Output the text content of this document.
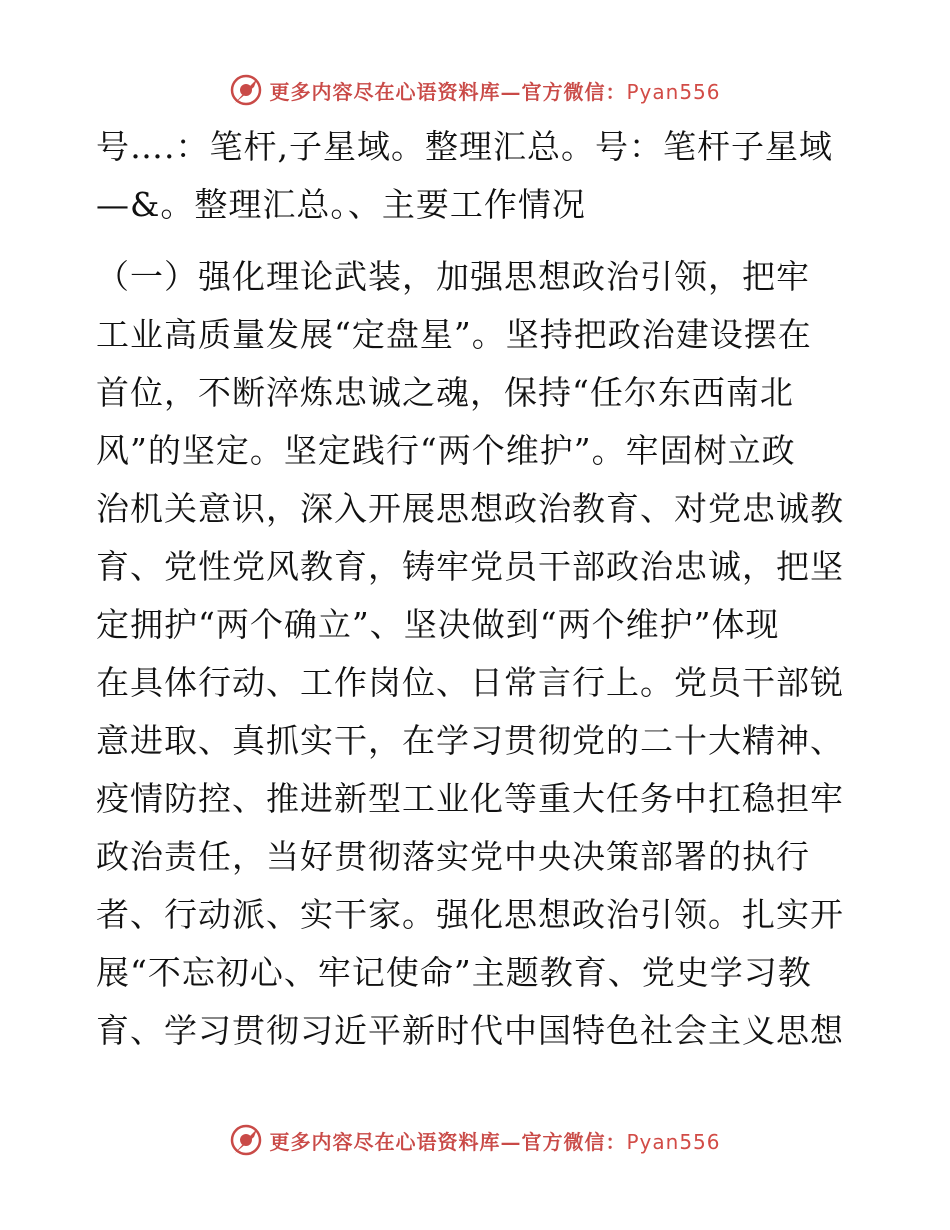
更多内容尽在心语资料库—官方微信：Pyan556
号….：笔杆,子星域。整理汇总。号：笔杆子星域
—&。整理汇总。、主要工作情况
（一）强化理论武装，加强思想政治引领，把牢
工业高质量发展“定盘星”。坚持把政治建设摆在
首位，不断淬炼忠诚之魂，保持“任尔东西南北
风”的坚定。坚定践行“两个维护”。牢固树立政
治机关意识，深入开展思想政治教育、对党忠诚教
育、党性党风教育，铸牢党员干部政治忠诚，把坚
定拥护“两个确立”、坚决做到“两个维护”体现
在具体行动、工作岗位、日常言行上。党员干部锐
意进取、真抓实干，在学习贯彻党的二十大精神、
疫情防控、推进新型工业化等重大任务中扛稳担牢
政治责任，当好贯彻落实党中央决策部署的执行
者、行动派、实干家。强化思想政治引领。扎实开
展“不忘初心、牢记使命”主题教育、党史学习教
育、学习贯彻习近平新时代中国特色社会主义思想
更多内容尽在心语资料库—官方微信：Pyan556
